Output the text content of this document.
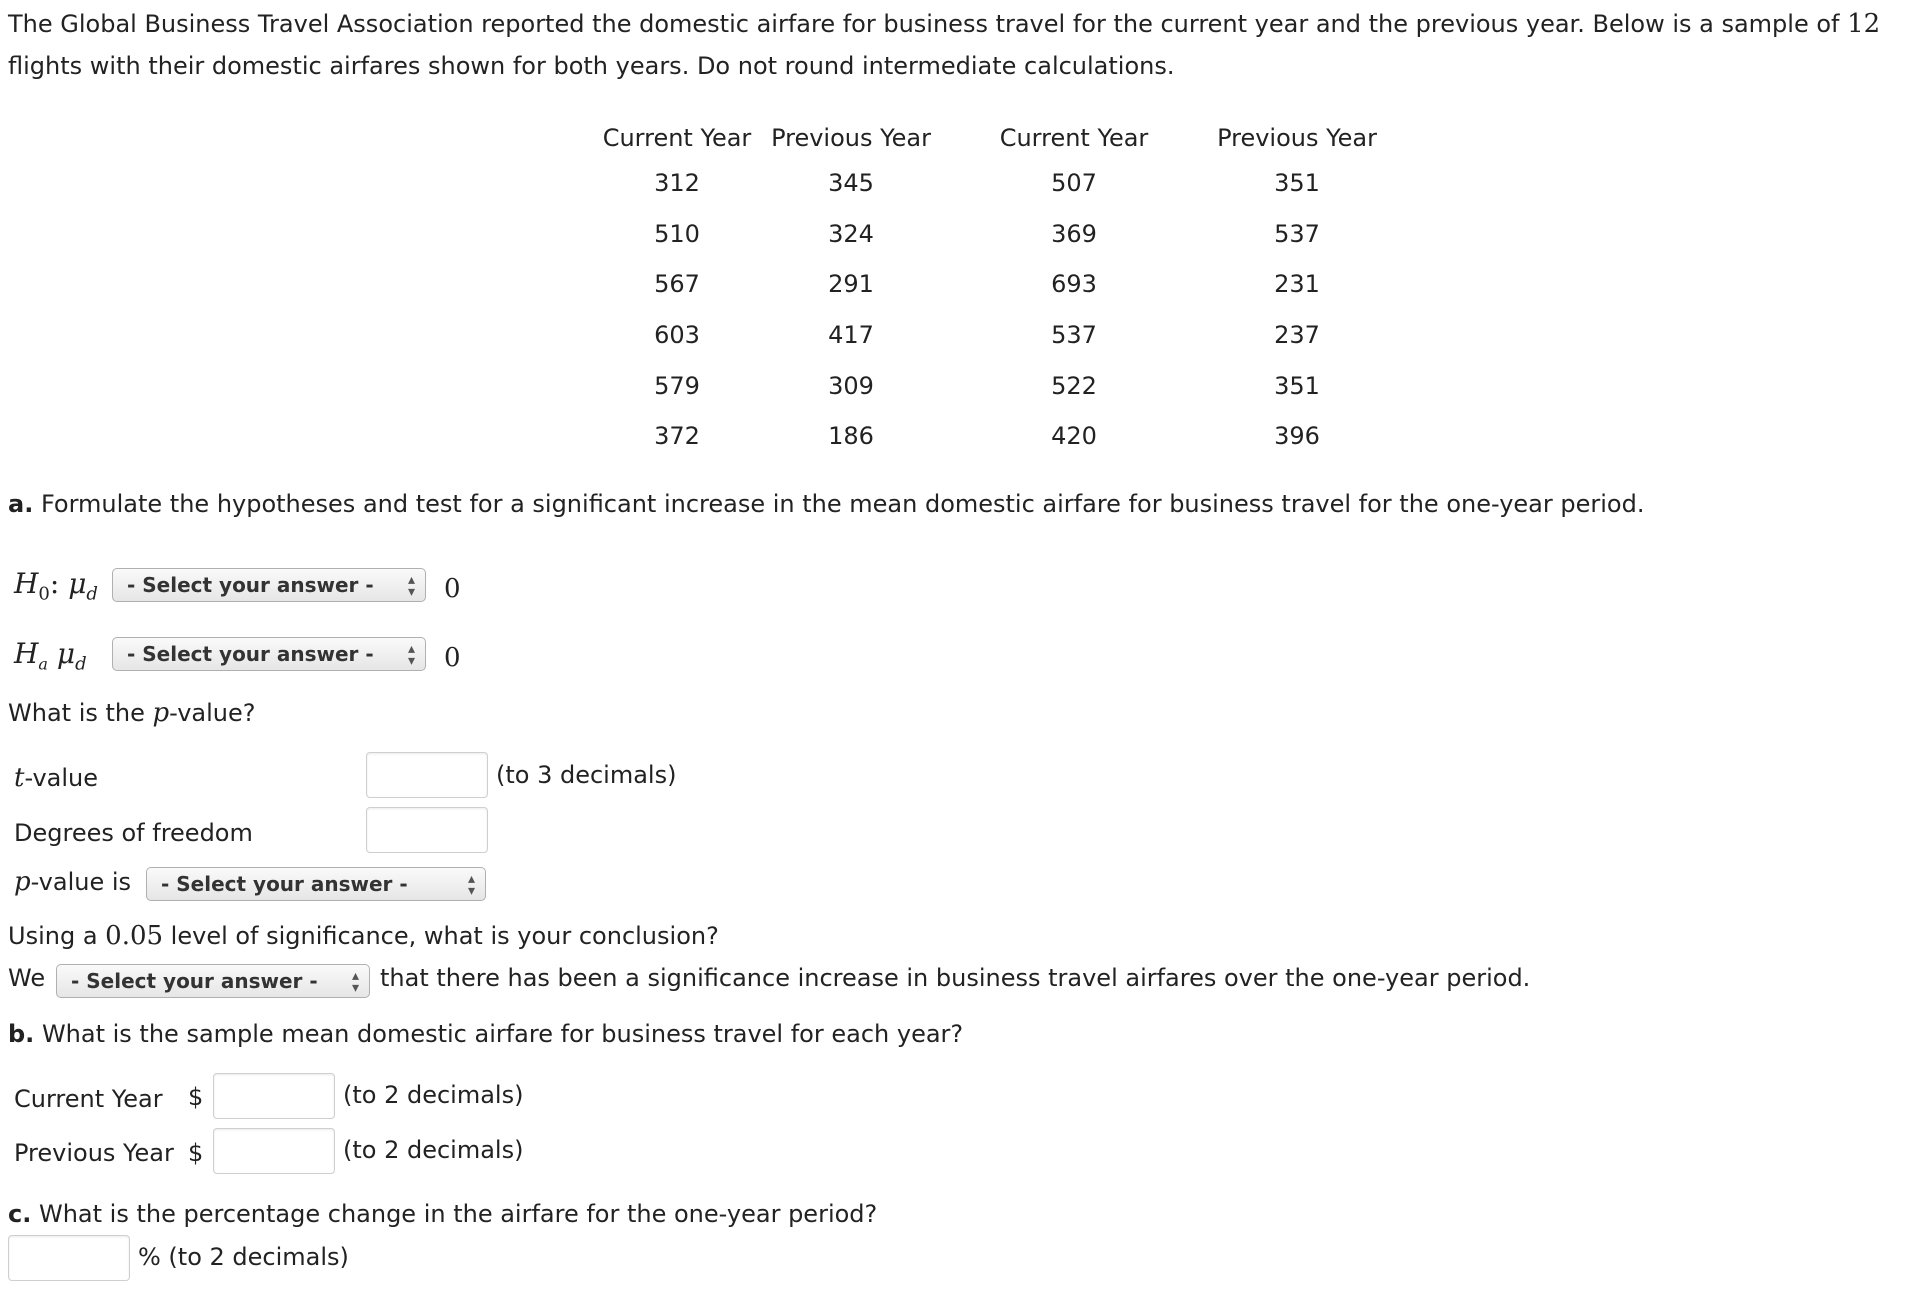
The Global Business Travel Association reported the domestic airfare for business travel for the current year and the previous year. Below is a sample of 12
flights with their domestic airfares shown for both years. Do not round intermediate calculations.
Current Year	Previous Year	Current Year	Previous Year
312	345	507	351
510	324	369	537
567	291	693	231
603	417	537	237
579	309	522	351
372	186	420	396
a. Formulate the hypotheses and test for a significant increase in the mean domestic airfare for business travel for the one-year period.
$H_0$: $\mu_d$ - Select your answer - ▴
▾ 0
$H_a$ $\mu_d$ - Select your answer - ▴
▾ 0
What is the p-value?
t-value	(to 3 decimals)
Degrees of freedom
p-value is - Select your answer -	▴
▾
Using a 0.05 level of significance, what is your conclusion?
We - Select your answer - ▴
▾ that there has been a significance increase in business travel airfares over the one-year period.
b. What is the sample mean domestic airfare for business travel for each year?
Current Year $	(to 2 decimals)
Previous Year $	(to 2 decimals)
c. What is the percentage change in the airfare for the one-year period?
% (to 2 decimals)
